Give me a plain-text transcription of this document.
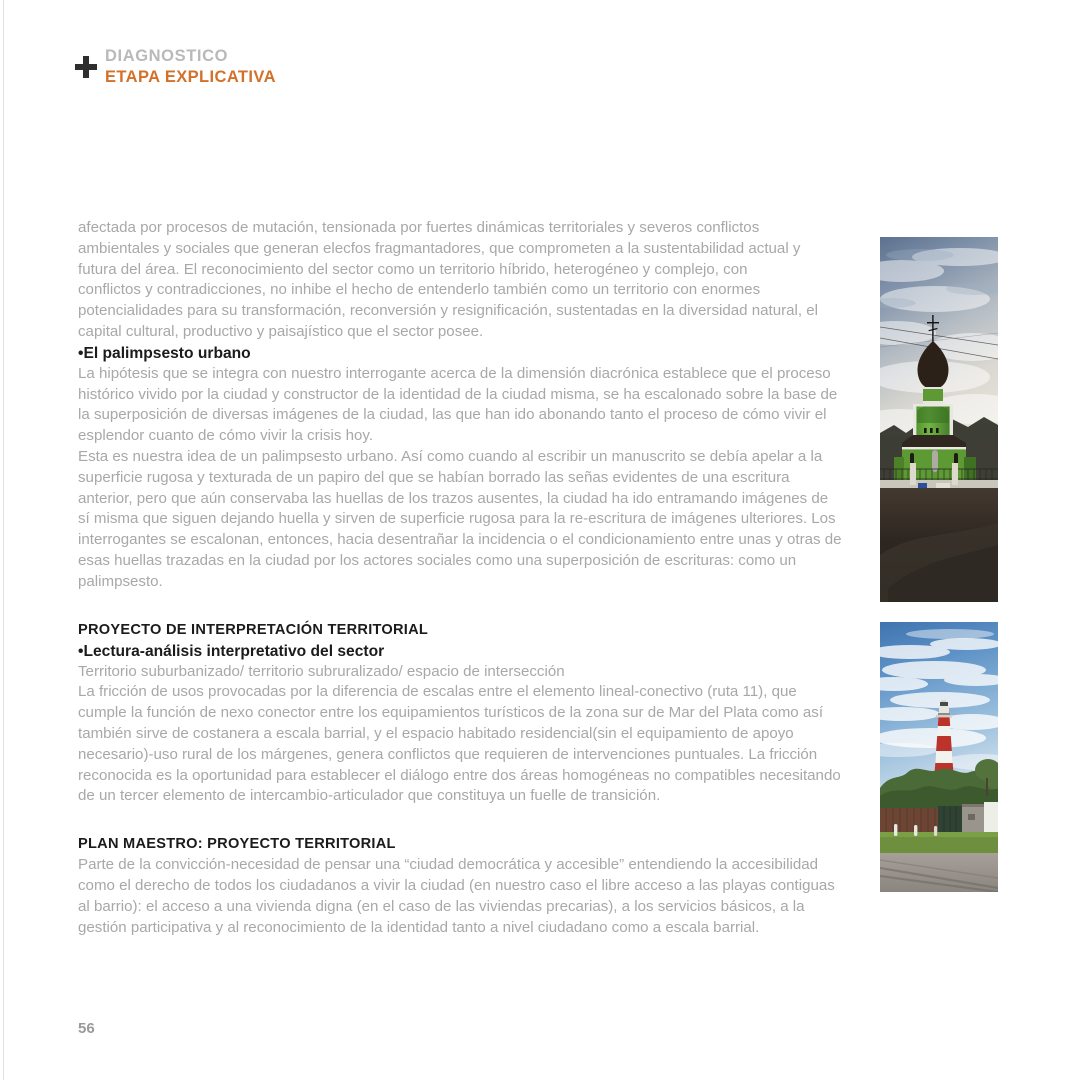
DIAGNOSTICO
ETAPA EXPLICATIVA

afectada por procesos de mutación, tensionada por fuertes dinámicas territoriales y severos conflictos ambientales y sociales que generan elecfos fragmantadores, que comprometen a la sustentabilidad actual y futura del área. El reconocimiento del sector como un territorio híbrido, heterogéneo y complejo, con

conflictos y contradicciones, no inhibe el hecho de entenderlo también como un territorio con enormes potencialidades para su transformación, reconversión y resignificación, sustentadas en la diversidad natural, el capital cultural, productivo y paisajístico que el sector posee.

•El palimpsesto urbano

La hipótesis que se integra con nuestro interrogante acerca de la dimensión diacrónica establece que el proceso histórico vivido por la ciudad y constructor de la identidad de la ciudad misma, se ha escalonado sobre la base de la superposición de diversas imágenes de la ciudad, las que han ido abonando tanto el proceso de cómo vivir el esplendor cuanto de cómo vivir la crisis hoy.

Esta es nuestra idea de un palimpsesto urbano. Así como cuando al escribir un manuscrito se debía apelar a la superficie rugosa y texturada de un papiro del que se habían borrado las señas evidentes de una escritura anterior, pero que aún conservaba las huellas de los trazos ausentes, la ciudad ha ido entramando imágenes de sí misma que siguen dejando huella y sirven de superficie rugosa para la re-escritura de imágenes ulteriores. Los interrogantes se escalonan, entonces, hacia desentrañar la incidencia o el condicionamiento entre unas y otras de esas huellas trazadas en la ciudad por los actores sociales como una superposición de escrituras: como un palimpsesto.

PROYECTO DE INTERPRETACIÓN TERRITORIAL

•Lectura-análisis interpretativo del sector

Territorio suburbanizado/ territorio subruralizado/ espacio de intersección

La fricción de usos provocadas por la diferencia de escalas entre el elemento lineal-conectivo (ruta 11), que cumple la función de nexo conector entre los equipamientos turísticos de la zona sur de Mar del Plata como así también sirve de costanera a escala barrial, y el espacio habitado residencial(sin el equipamiento de apoyo necesario)-uso rural de los márgenes, genera conflictos que requieren de intervenciones puntuales. La fricción reconocida es la oportunidad para establecer el diálogo entre dos áreas homogéneas no compatibles necesitando de un tercer elemento de intercambio-articulador que constituya un fuelle de transición.

PLAN MAESTRO: PROYECTO TERRITORIAL

Parte de la convicción-necesidad de pensar una “ciudad democrática y accesible” entendiendo la accesibilidad como el derecho de todos los ciudadanos a vivir la ciudad (en nuestro caso el libre acceso a las playas contiguas al barrio): el acceso a una vivienda digna (en el caso de las viviendas precarias), a los servicios básicos, a la gestión participativa y al reconocimiento de la identidad tanto a nivel ciudadano como a escala barrial.

56
